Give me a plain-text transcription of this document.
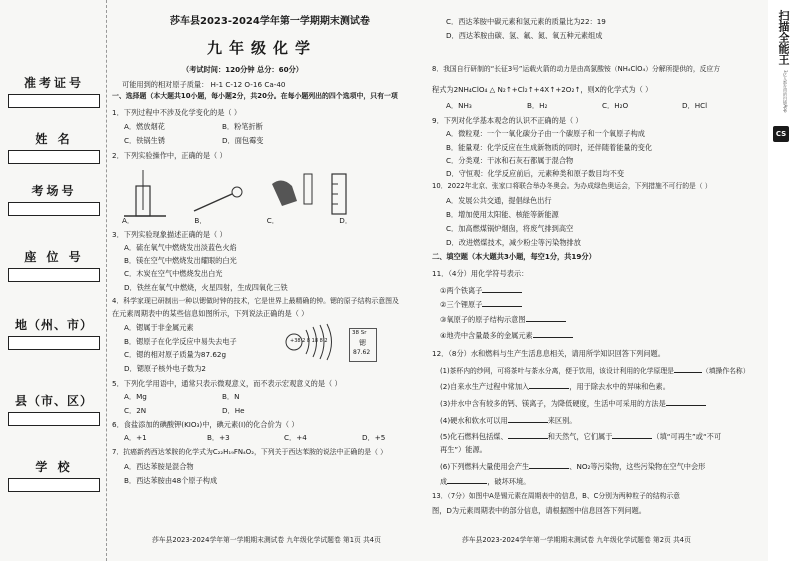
准考证号
姓 名
考场号
座 位 号
地（州、市）
县（市、区）
学 校
莎车县2023-2024学年第一学期期末测试卷
九年级化学
（考试时间：120分钟 总分：60分）
可能用到的相对原子质量： H-1 C-12 O-16 Ca-40
一、选择题（本大题共10小题，每小题2分，共20分。在每小题列出的四个选项中，只有一项
1．下列过程中不涉及化学变化的是（ ）
A．燃放烟花	B．粉笔折断
C．铁锅生锈	D．面包霉变
2．下列实验操作中，正确的是（ ）
A． B． C． D．
3．下列实验现象描述正确的是（ ）
A．硫在氧气中燃烧发出淡蓝色火焰
B．镁在空气中燃烧发出耀眼的白光
C．木炭在空气中燃烧发出白光
D．铁丝在氧气中燃烧，火星四射，生成四氧化三铁
4．科学家现已研制出一种以锶做时钟的技术，它是世界上最精确的钟。锶的原子结构示意图及
在元素周期表中的某些信息如图所示，下列说法正确的是（ ）
A．锶属于非金属元素
B．锶原子在化学反应中易失去电子
C．锶的相对原子质量为87.62g
D．锶原子核外电子数为2
+38 2 8 18 8 2
38 Sr
锶
87.62
5．下列化学用语中，通常只表示微观意义，而不表示宏观意义的是（ ）
A．Mg	B．N
C．2N	D．He
6．食盐添加的碘酸钾(KIO₃)中，碘元素(I)的化合价为（ ）
A．+1	B．+3	C．+4	D．+5
7．抗癌新药西达苯胺的化学式为C₂₂H₁₉FN₄O₂，下列关于西达苯胺的说法中正确的是（ ）
A．西达苯胺是混合物
B．西达苯胺由48个原子构成
莎车县2023-2024学年第一学期期末测试卷 九年级化学试题卷 第1页 共4页
C．西达苯胺中碳元素和氢元素的质量比为22：19
D．西达苯胺由碳、氢、氟、氮、氧五种元素组成
8．我国自行研制的“长征3号”运载火箭的动力是由高氯酸铵（NH₄ClO₄）分解所提供的，反应方
程式为2NH₄ClO₄ △ N₂↑+Cl₂↑+4X↑+2O₂↑，则X的化学式为（ ）
A．NH₃	B．H₂	C．H₂O	D．HCl
9．下列对化学基本观念的认识不正确的是（ ）
A．微粒观：一个一氧化碳分子由一个碳原子和一个氧原子构成
B．能量观：化学反应在生成新物质的同时，还伴随着能量的变化
C．分类观：干冰和石灰石都属于混合物
D．守恒观：化学反应前后，元素种类和原子数目均不变
10．2022年北京、张家口将联合举办冬奥会。为办成绿色奥运会，下列措施不可行的是（ ）
A．发展公共交通，提倡绿色出行
B．增加使用太阳能、核能等新能源
C．加高燃煤锅炉烟囱，将废气排到高空
D．改进燃煤技术，减少粉尘等污染物排放
二、填空题（本大题共3小题，每空1分，共19分）
11．（4分）用化学符号表示：
①两个铁离子
②三个锂原子
③氧原子的原子结构示意图
④地壳中含量最多的金属元素
12．（8分）水和燃料与生产生活息息相关，请用所学知识回答下列问题。
(1)茶杯内的纱网，可将茶叶与茶水分离，便于饮用，该设计利用的化学原理是	（填操作名称）
(2)自来水生产过程中常加入	，用于除去水中的异味和色素。
(3)井水中含有较多的钙、镁离子，为降低硬度，生活中可采用的方法是
(4)硬水和软水可以用	来区别。
(5)化石燃料包括煤、	和天然气，它们属于	（填“可再生”或“不可
再生”）能源。
(6)下列燃料大量使用会产生	、NO₂等污染物，这些污染物在空气中会形
成	，破坏环境。
13．（7分）如图中A是锡元素在周期表中的信息，B、C分别为两种粒子的结构示意
图，D为元素周期表中的部分信息，请根据图中信息回答下列问题。
莎车县2023-2024学年第一学期期末测试卷 九年级化学试题卷 第2页 共4页
扫描全能王
3亿人都在用的扫描App
CS
